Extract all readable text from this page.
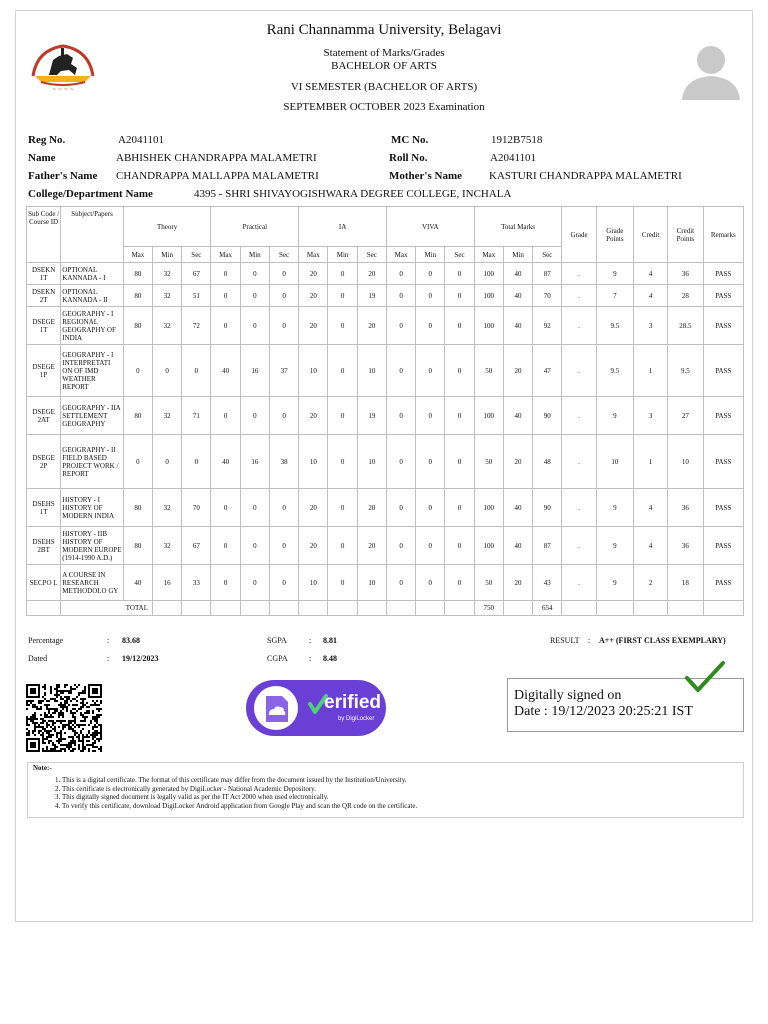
~ ~ ~ ~
Rani Channamma University, Belagavi
Statement of Marks/Grades
BACHELOR OF ARTS
VI SEMESTER (BACHELOR OF ARTS)
SEPTEMBER OCTOBER 2023 Examination
Reg No.	A2041101	MC No.	1912B7518
Name	ABHISHEK CHANDRAPPA MALAMETRI	Roll No.	A2041101
Father's Name CHANDRAPPA MALLAPPA MALAMETRI	Mother's Name KASTURI CHANDRAPPA MALAMETRI
College/Department Name	4395 - SHRI SHIVAYOGISHWARA DEGREE COLLEGE, INCHALA
Sub Code / Course ID	Subject/Papers	Theory			Practical			IA			VIVA			Total Marks			Grade	Grade Points	Credit	Credit Points	Remarks
		Max	Min	Sec	Max	Min	Sec	Max	Min	Sec	Max	Min	Sec	Max	Min	Sec					
DSEKN 1T	OPTIONAL KANNADA - I	80	32	67	0	0	0	20	0	20	0	0	0	100	40	87	.	9	4	36	PASS
DSEKN 2T	OPTIONAL KANNADA - II	80	32	51	0	0	0	20	0	19	0	0	0	100	40	70	.	7	4	28	PASS
DSEGE 1T	GEOGRAPHY - I REGIONAL GEOGRAPHY OF INDIA	80	32	72	0	0	0	20	0	20	0	0	0	100	40	92	.	9.5	3	28.5	PASS
DSEGE 1P	GEOGRAPHY - I INTERPRETATI ON OF IMD WEATHER REPORT	0	0	0	40	16	37	10	0	10	0	0	0	50	20	47	.	9.5	1	9.5	PASS
DSEGE 2AT	GEOGRAPHY - IIA SETTLEMENT GEOGRAPHY	80	32	71	0	0	0	20	0	19	0	0	0	100	40	90	.	9	3	27	PASS
DSEGE 2P	GEOGRAPHY - II FIELD BASED PROJECT WORK / REPORT	0	0	0	40	16	38	10	0	10	0	0	0	50	20	48	.	10	1	10	PASS
DSEHS 1T	HISTORY - I HISTORY OF MODERN INDIA	80	32	70	0	0	0	20	0	20	0	0	0	100	40	90	.	9	4	36	PASS
DSEHS 2BT	HISTORY - IIB HISTORY OF MODERN EUROPE (1914-1990 A.D.)	80	32	67	0	0	0	20	0	20	0	0	0	100	40	87	.	9	4	36	PASS
SECPO L	A COURSE IN RESEARCH METHODOLO GY	40	16	33	0	0	0	10	0	10	0	0	0	50	20	43	.	9	2	18	PASS
	TOTAL													750		654					
Percentage	: 83.68	SGPA	: 8.81	RESULT : A++ (FIRST CLASS EXEMPLARY)
Dated	: 19/12/2023	CGPA	: 8.48
erified
by DigiLocker
Digitally signed on
Date : 19/12/2023 20:25:21 IST
Note:-
1. This is a digital certificate. The format of this certificate may differ from the document issued by the Institution/University.
2. This certificate is electronically generated by DigiLocker - National Academic Depository.
3. This digitally signed document is legally valid as per the IT Act 2000 when used electronically.
4. To verify this certificate, download DigiLocker Android application from Google Play and scan the QR code on the certificate.
